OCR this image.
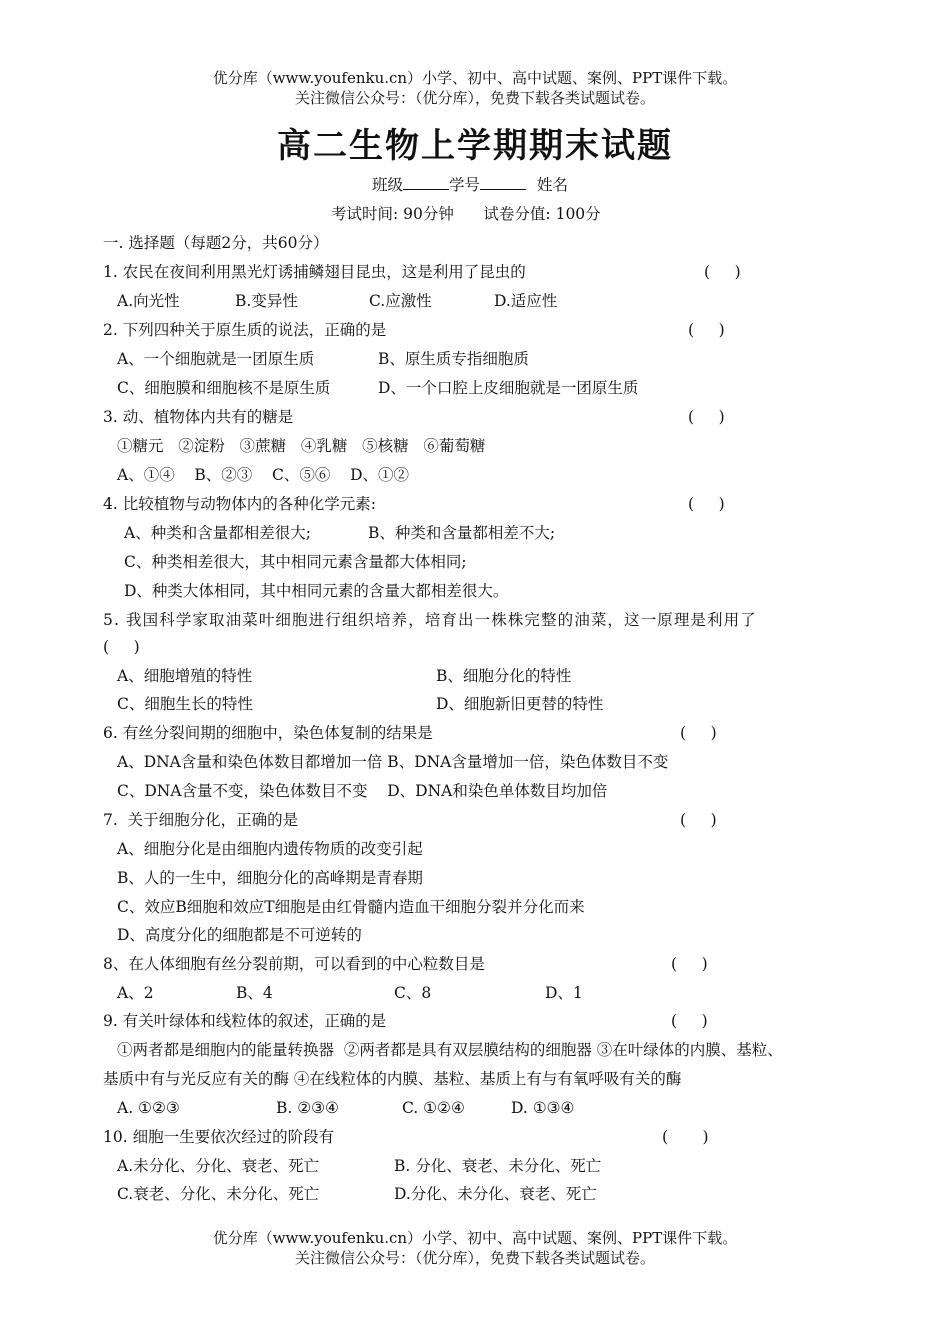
优分库（www.youfenku.cn）小学、初中、高中试题、案例、PPT课件下载。
关注微信公众号：（优分库），免费下载各类试题试卷。
高二生物上学期期末试题
班级	学号	姓名
考试时间: 90分钟      试卷分值: 100分
一. 选择题（每题2分，共60分）
1. 农民在夜间利用黑光灯诱捕鳞翅目昆虫，这是利用了昆虫的	(     )
A.向光性	B.变异性	C.应激性	D.适应性
2. 下列四种关于原生质的说法，正确的是	(     )
A、一个细胞就是一团原生质	B、原生质专指细胞质
C、细胞膜和细胞核不是原生质	D、一个口腔上皮细胞就是一团原生质
3. 动、植物体内共有的糖是	(     )
①糖元   ②淀粉   ③蔗糖   ④乳糖   ⑤核糖   ⑥葡萄糖
A、①④    B、②③    C、⑤⑥    D、①②
4. 比较植物与动物体内的各种化学元素:	(     )
A、种类和含量都相差很大;	B、种类和含量都相差不大;
C、种类相差很大，其中相同元素含量都大体相同;
D、种类大体相同，其中相同元素的含量大都相差很大。
5. 我国科学家取油菜叶细胞进行组织培养，培育出一株株完整的油菜，这一原理是利用了
(     )
A、细胞增殖的特性	B、细胞分化的特性
C、细胞生长的特性	D、细胞新旧更替的特性
6. 有丝分裂间期的细胞中，染色体复制的结果是	(     )
A、DNA含量和染色体数目都增加一倍 B、DNA含量增加一倍，染色体数目不变
C、DNA含量不变，染色体数目不变    D、DNA和染色单体数目均加倍
7.  关于细胞分化，正确的是	(     )
A、细胞分化是由细胞内遗传物质的改变引起
B、人的一生中，细胞分化的高峰期是青春期
C、效应B细胞和效应T细胞是由红骨髓内造血干细胞分裂并分化而来
D、高度分化的细胞都是不可逆转的
8、在人体细胞有丝分裂前期，可以看到的中心粒数目是	(     )
A、2	B、4	C、8	D、1
9. 有关叶绿体和线粒体的叙述，正确的是	(     )
①两者都是细胞内的能量转换器  ②两者都是具有双层膜结构的细胞器 ③在叶绿体的内膜、基粒、
基质中有与光反应有关的酶 ④在线粒体的内膜、基粒、基质上有与有氧呼吸有关的酶
A. ①②③	B. ②③④	C. ①②④	D. ①③④
10. 细胞一生要依次经过的阶段有	(       )
A.未分化、分化、衰老、死亡	B. 分化、衰老、未分化、死亡
C.衰老、分化、未分化、死亡	D.分化、未分化、衰老、死亡
优分库（www.youfenku.cn）小学、初中、高中试题、案例、PPT课件下载。
关注微信公众号：（优分库），免费下载各类试题试卷。
